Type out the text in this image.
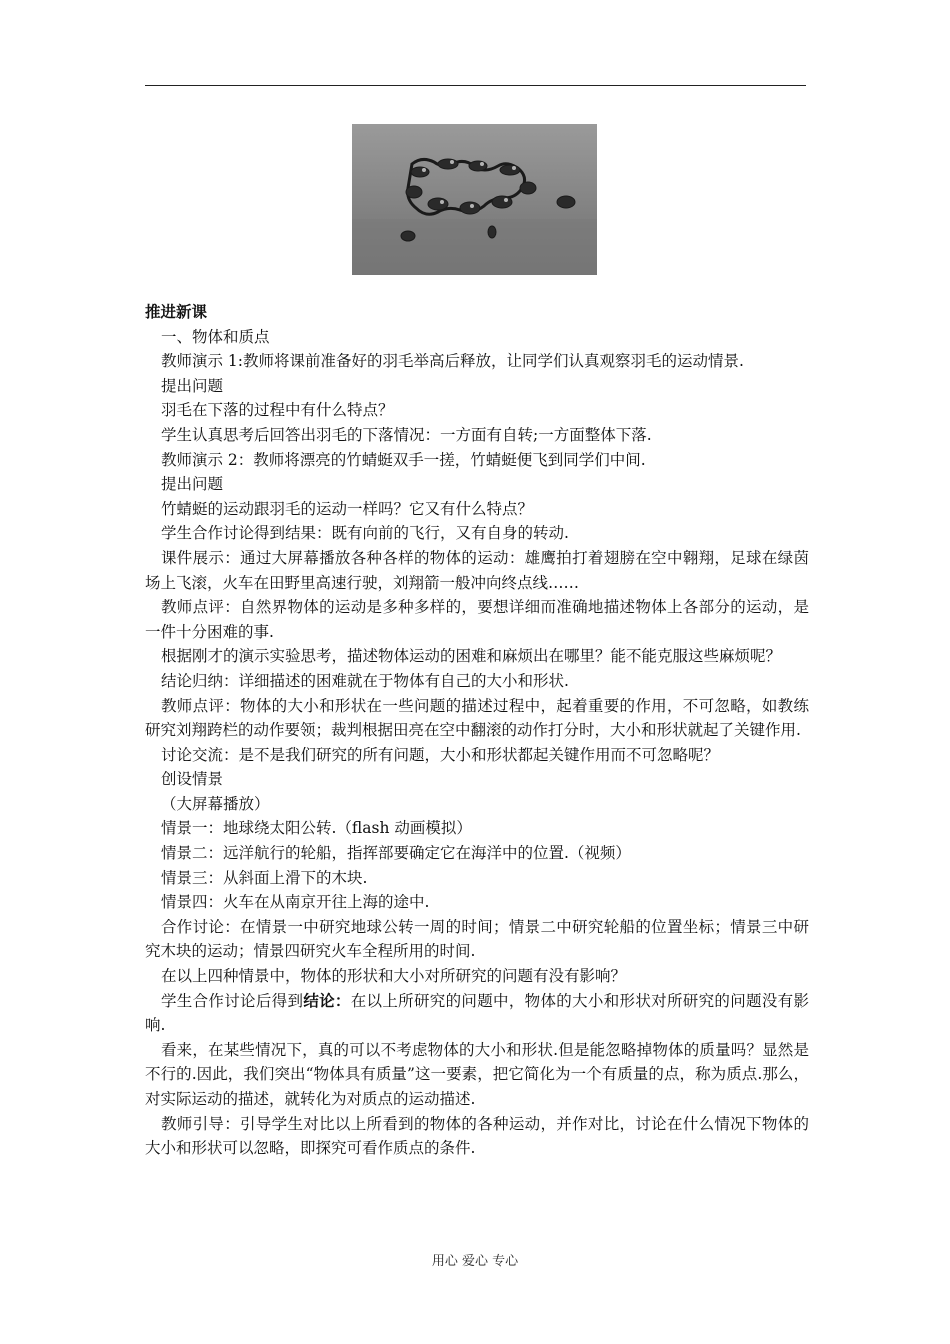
推进新课

一、物体和质点

教师演示 1:教师将课前准备好的羽毛举高后释放，让同学们认真观察羽毛的运动情景.

提出问题

羽毛在下落的过程中有什么特点？

学生认真思考后回答出羽毛的下落情况：一方面有自转;一方面整体下落.

教师演示 2：教师将漂亮的竹蜻蜓双手一搓，竹蜻蜓便飞到同学们中间.

提出问题

竹蜻蜓的运动跟羽毛的运动一样吗？它又有什么特点？

学生合作讨论得到结果：既有向前的飞行，又有自身的转动.

课件展示：通过大屏幕播放各种各样的物体的运动：雄鹰拍打着翅膀在空中翱翔，足球在绿茵场上飞滚，火车在田野里高速行驶，刘翔箭一般冲向终点线……

教师点评：自然界物体的运动是多种多样的，要想详细而准确地描述物体上各部分的运动，是一件十分困难的事.

根据刚才的演示实验思考，描述物体运动的困难和麻烦出在哪里？能不能克服这些麻烦呢？

结论归纳：详细描述的困难就在于物体有自己的大小和形状.

教师点评：物体的大小和形状在一些问题的描述过程中，起着重要的作用，不可忽略，如教练研究刘翔跨栏的动作要领；裁判根据田亮在空中翻滚的动作打分时，大小和形状就起了关键作用.

讨论交流：是不是我们研究的所有问题，大小和形状都起关键作用而不可忽略呢？

创设情景

（大屏幕播放）

情景一：地球绕太阳公转.（flash 动画模拟）

情景二：远洋航行的轮船，指挥部要确定它在海洋中的位置.（视频）

情景三：从斜面上滑下的木块.

情景四：火车在从南京开往上海的途中.

合作讨论：在情景一中研究地球公转一周的时间；情景二中研究轮船的位置坐标；情景三中研究木块的运动；情景四研究火车全程所用的时间.

在以上四种情景中，物体的形状和大小对所研究的问题有没有影响？

学生合作讨论后得到结论：在以上所研究的问题中，物体的大小和形状对所研究的问题没有影响.

看来，在某些情况下，真的可以不考虑物体的大小和形状.但是能忽略掉物体的质量吗？显然是不行的.因此，我们突出“物体具有质量”这一要素，把它简化为一个有质量的点，称为质点.那么，对实际运动的描述，就转化为对质点的运动描述.

教师引导：引导学生对比以上所看到的物体的各种运动，并作对比，讨论在什么情况下物体的大小和形状可以忽略，即探究可看作质点的条件.

用心 爱心 专心
